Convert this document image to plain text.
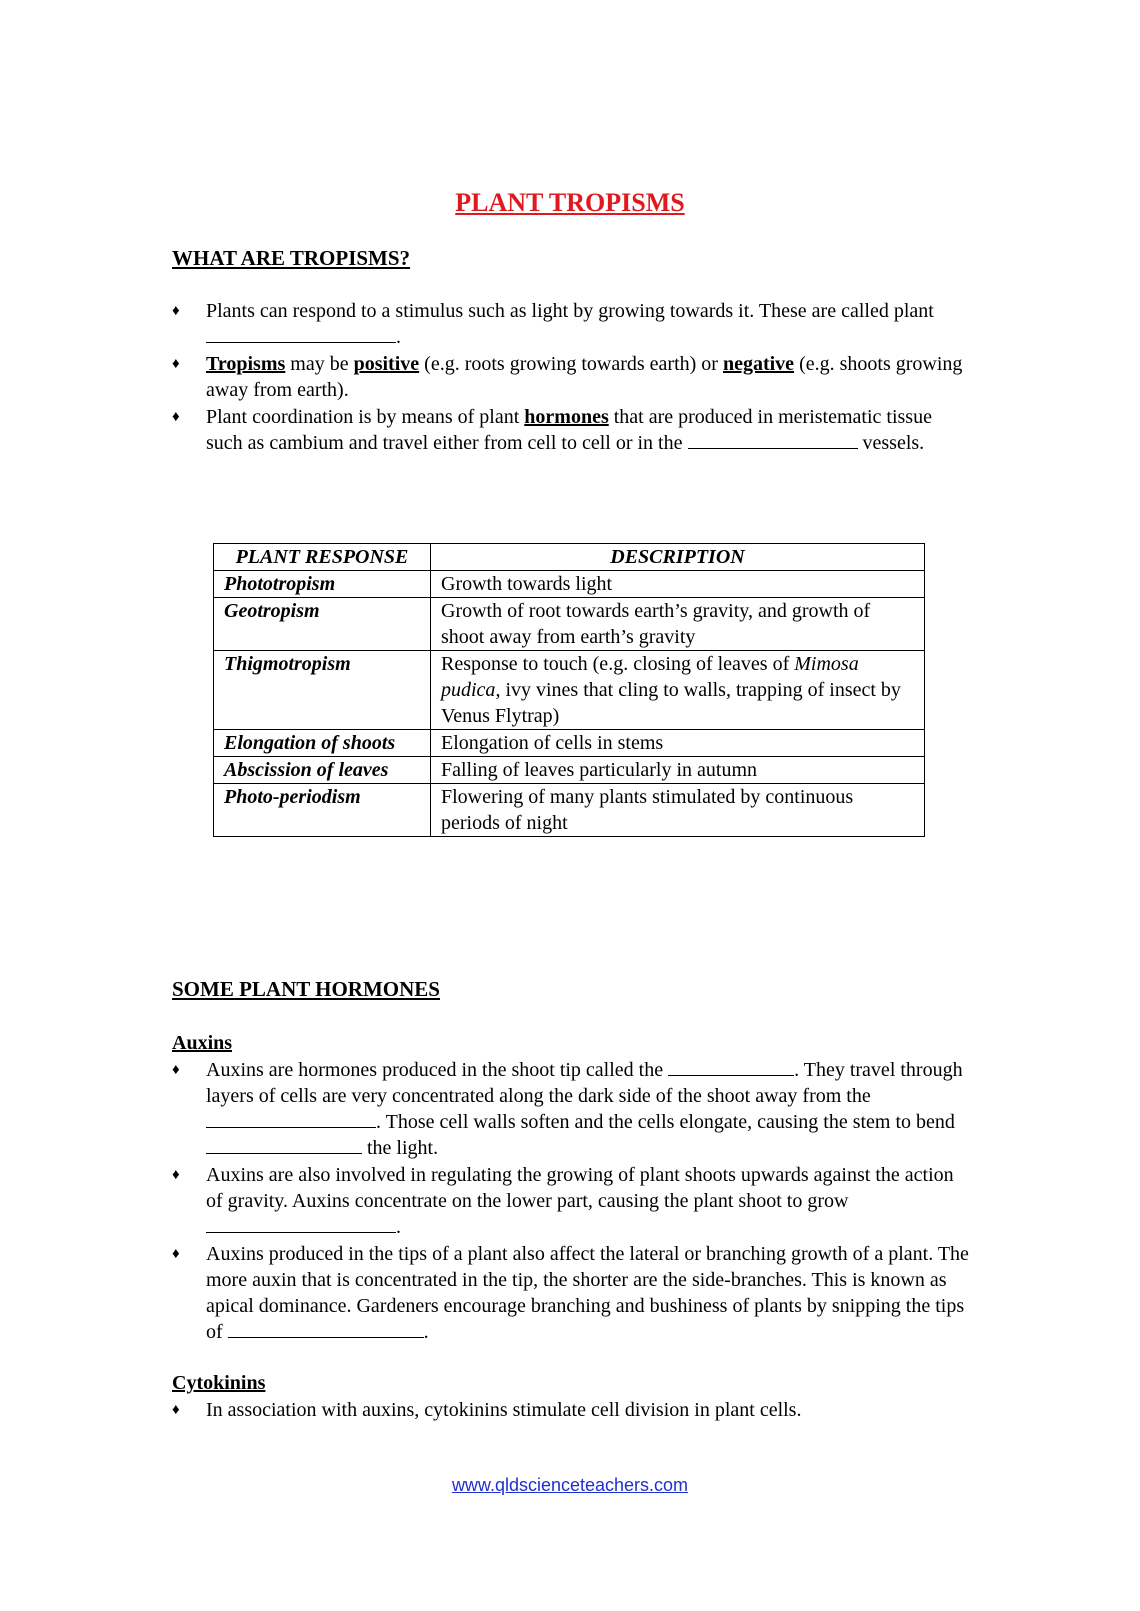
PLANT TROPISMS
WHAT ARE TROPISMS?
♦ Plants can respond to a stimulus such as light by growing towards it. These are called plant .
♦ Tropisms may be positive (e.g. roots growing towards earth) or negative (e.g. shoots growing away from earth).
♦ Plant coordination is by means of plant hormones that are produced in meristematic tissue such as cambium and travel either from cell to cell or in the	vessels.
PLANT RESPONSE	DESCRIPTION
Phototropism	Growth towards light
Geotropism	Growth of root towards earth’s gravity, and growth of shoot away from earth’s gravity
Thigmotropism	Response to touch (e.g. closing of leaves of Mimosa pudica, ivy vines that cling to walls, trapping of insect by Venus Flytrap)
Elongation of shoots	Elongation of cells in stems
Abscission of leaves	Falling of leaves particularly in autumn
Photo-periodism	Flowering of many plants stimulated by continuous periods of night
SOME PLANT HORMONES
Auxins
♦ Auxins are hormones produced in the shoot tip called the	. They travel through layers of cells are very concentrated along the dark side of the shoot away from the . Those cell walls soften and the cells elongate, causing the stem to bend  the light.
♦ Auxins are also involved in regulating the growing of plant shoots upwards against the action of gravity. Auxins concentrate on the lower part, causing the plant shoot to grow .
♦ Auxins produced in the tips of a plant also affect the lateral or branching growth of a plant. The more auxin that is concentrated in the tip, the shorter are the side-branches. This is known as apical dominance. Gardeners encourage branching and bushiness of plants by snipping the tips of	.
Cytokinins
♦ In association with auxins, cytokinins stimulate cell division in plant cells.
www.qldscienceteachers.com
